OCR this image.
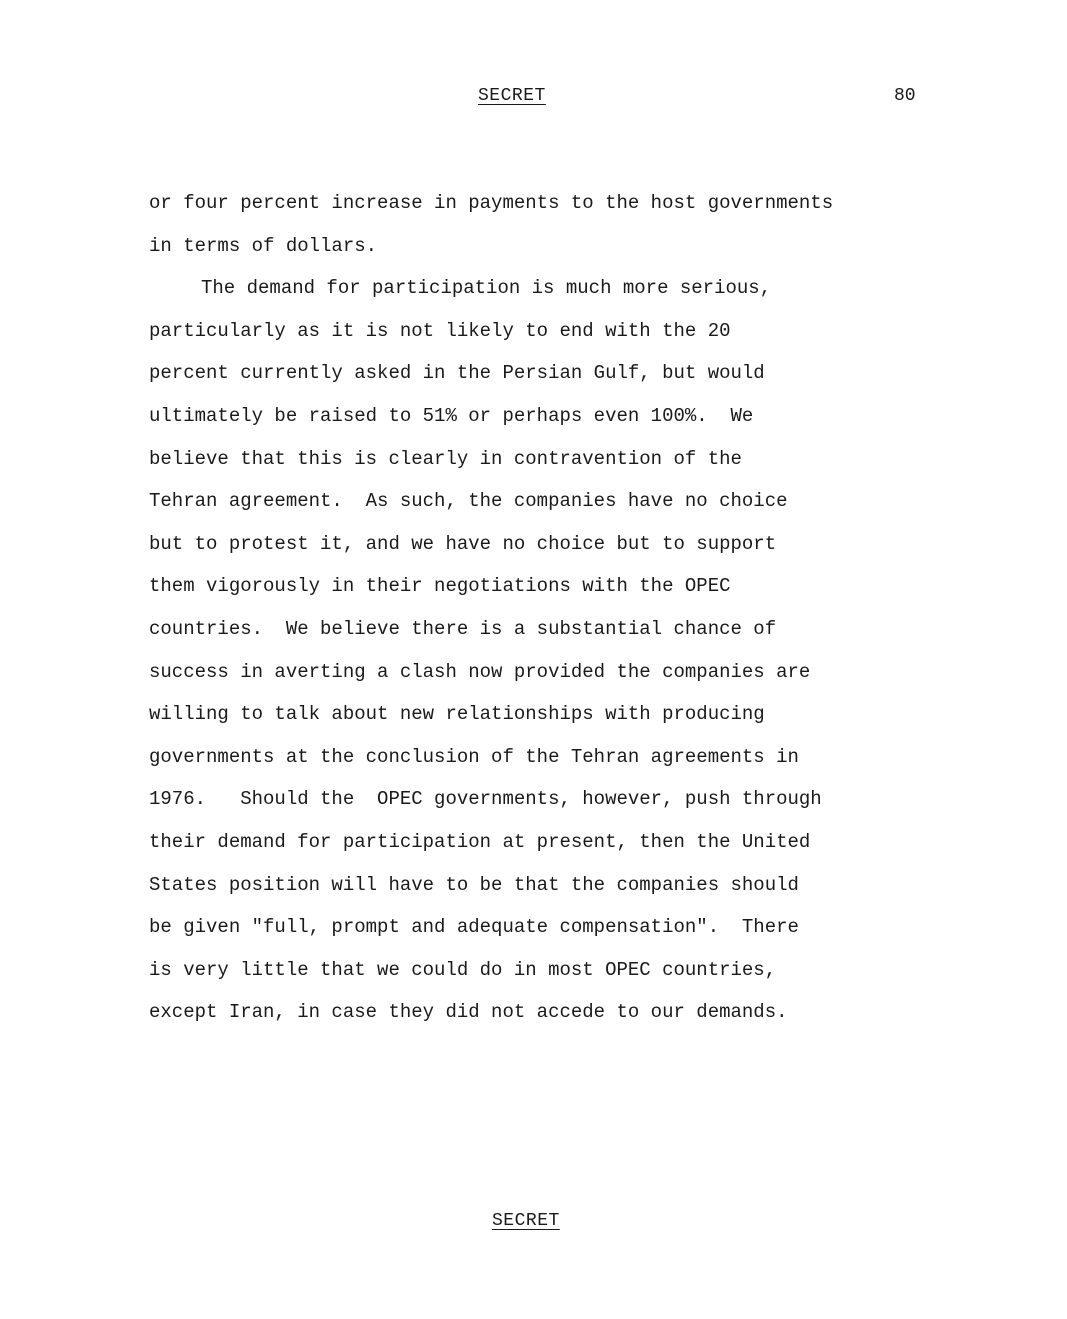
SECRET	80
or four percent increase in payments to the host governments
in terms of dollars.
The demand for participation is much more serious,
particularly as it is not likely to end with the 20
percent currently asked in the Persian Gulf, but would
ultimately be raised to 51% or perhaps even 100%.  We
believe that this is clearly in contravention of the
Tehran agreement.  As such, the companies have no choice
but to protest it, and we have no choice but to support
them vigorously in their negotiations with the OPEC
countries.  We believe there is a substantial chance of
success in averting a clash now provided the companies are
willing to talk about new relationships with producing
governments at the conclusion of the Tehran agreements in
1976.   Should the  OPEC governments, however, push through
their demand for participation at present, then the United
States position will have to be that the companies should
be given "full, prompt and adequate compensation".  There
is very little that we could do in most OPEC countries,
except Iran, in case they did not accede to our demands.
SECRET
